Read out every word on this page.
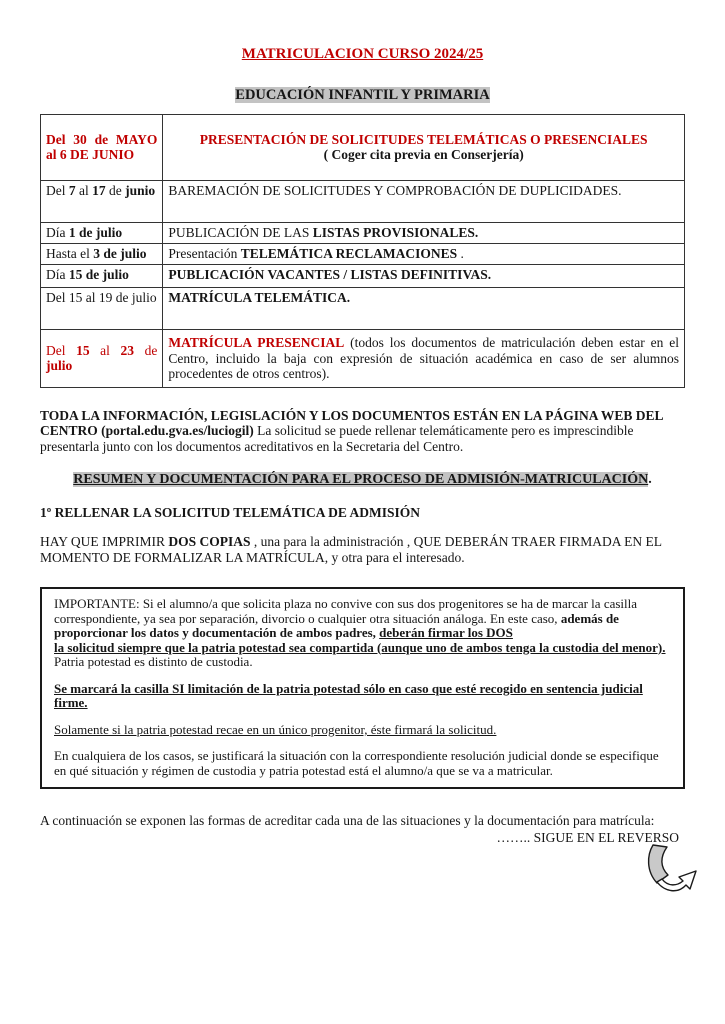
MATRICULACION CURSO 2024/25

EDUCACIÓN INFANTIL Y PRIMARIA

Del 30 de MAYO al 6 DE JUNIO	PRESENTACIÓN DE SOLICITUDES TELEMÁTICAS O PRESENCIALES
( Coger cita previa en Conserjería)
Del 7 al 17 de junio	BAREMACIÓN DE SOLICITUDES Y COMPROBACIÓN DE DUPLICIDADES.
Día 1 de julio	PUBLICACIÓN DE LAS LISTAS PROVISIONALES.
Hasta el 3 de julio	Presentación TELEMÁTICA RECLAMACIONES .
Día 15 de julio	PUBLICACIÓN VACANTES / LISTAS DEFINITIVAS.
Del 15 al 19 de julio	MATRÍCULA TELEMÁTICA.
Del 15 al 23 de julio	MATRÍCULA PRESENCIAL (todos los documentos de matriculación deben estar en el Centro, incluido la baja con expresión de situación académica en caso de ser alumnos procedentes de otros centros).

TODA LA INFORMACIÓN, LEGISLACIÓN Y LOS DOCUMENTOS ESTÁN EN LA PÁGINA WEB DEL CENTRO (portal.edu.gva.es/luciogil) La solicitud se puede rellenar telemáticamente pero es imprescindible presentarla junto con los documentos acreditativos en la Secretaria del Centro.

RESUMEN Y DOCUMENTACIÓN PARA EL PROCESO DE ADMISIÓN-MATRICULACIÓN.

1º RELLENAR LA SOLICITUD TELEMÁTICA DE ADMISIÓN

HAY QUE IMPRIMIR DOS COPIAS , una para la administración , QUE DEBERÁN TRAER FIRMADA EN EL MOMENTO DE FORMALIZAR LA MATRÍCULA, y otra para el interesado.

IMPORTANTE: Si el alumno/a que solicita plaza no convive con sus dos progenitores se ha de marcar la casilla correspondiente, ya sea por separación, divorcio o cualquier otra situación análoga. En este caso, además de proporcionar los datos y documentación de ambos padres, deberán firmar los DOS
la solicitud siempre que la patria potestad sea compartida (aunque uno de ambos tenga la custodia del menor).
Patria potestad es distinto de custodia.

Se marcará la casilla SI limitación de la patria potestad sólo en caso que esté recogido en sentencia judicial firme.

Solamente si la patria potestad recae en un único progenitor, éste firmará la solicitud.

En cualquiera de los casos, se justificará la situación con la correspondiente resolución judicial donde se especifique en qué situación y régimen de custodia y patria potestad está el alumno/a que se va a matricular.

A continuación se exponen las formas de acreditar cada una de las situaciones y la documentación para matrícula:

…….. SIGUE EN EL REVERSO
